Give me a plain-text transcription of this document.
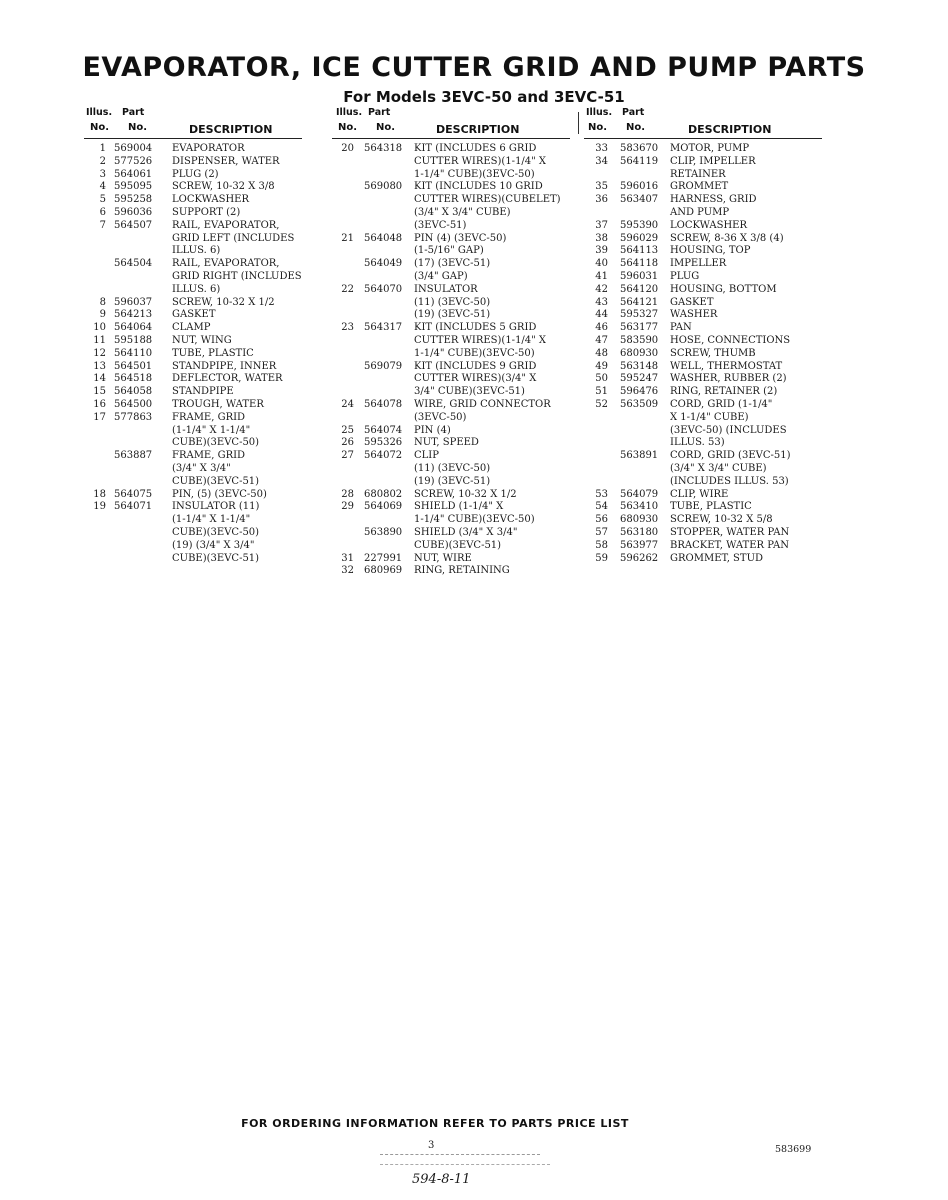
EVAPORATOR, ICE CUTTER GRID AND PUMP PARTS
For Models 3EVC-50 and 3EVC-51
Illus. Part
No. No.	DESCRIPTION
1 569004 EVAPORATOR
2 577526 DISPENSER, WATER
3 564061 PLUG (2)
4 595095 SCREW, 10-32 X 3/8
5 595258 LOCKWASHER
6 596036 SUPPORT (2)
7 564507 RAIL, EVAPORATOR,
GRID LEFT (INCLUDES
ILLUS. 6)
564504 RAIL, EVAPORATOR,
GRID RIGHT (INCLUDES
ILLUS. 6)
8 596037 SCREW, 10-32 X 1/2
9 564213 GASKET
10 564064 CLAMP
11 595188 NUT, WING
12 564110 TUBE, PLASTIC
13 564501 STANDPIPE, INNER
14 564518 DEFLECTOR, WATER
15 564058 STANDPIPE
16 564500 TROUGH, WATER
17 577863 FRAME, GRID
(1-1/4" X 1-1/4"
CUBE)(3EVC-50)
563887 FRAME, GRID
(3/4" X 3/4"
CUBE)(3EVC-51)
18 564075 PIN, (5) (3EVC-50)
19 564071 INSULATOR (11)
(1-1/4" X 1-1/4"
CUBE)(3EVC-50)
(19) (3/4" X 3/4"
CUBE)(3EVC-51)
Illus. Part
No. No.	DESCRIPTION
20 564318 KIT (INCLUDES 6 GRID
CUTTER WIRES)(1-1/4" X
1-1/4" CUBE)(3EVC-50)
569080 KIT (INCLUDES 10 GRID
CUTTER WIRES)(CUBELET)
(3/4" X 3/4" CUBE)
(3EVC-51)
21 564048 PIN (4) (3EVC-50)
(1-5/16" GAP)
564049 (17) (3EVC-51)
(3/4" GAP)
22 564070 INSULATOR
(11) (3EVC-50)
(19) (3EVC-51)
23 564317 KIT (INCLUDES 5 GRID
CUTTER WIRES)(1-1/4" X
1-1/4" CUBE)(3EVC-50)
569079 KIT (INCLUDES 9 GRID
CUTTER WIRES)(3/4" X
3/4" CUBE)(3EVC-51)
24 564078 WIRE, GRID CONNECTOR
(3EVC-50)
25 564074 PIN (4)
26 595326 NUT, SPEED
27 564072 CLIP
(11) (3EVC-50)
(19) (3EVC-51)
28 680802 SCREW, 10-32 X 1/2
29 564069 SHIELD (1-1/4" X
1-1/4" CUBE)(3EVC-50)
563890 SHIELD (3/4" X 3/4"
CUBE)(3EVC-51)
31 227991 NUT, WIRE
32 680969 RING, RETAINING
Illus. Part
No. No.	DESCRIPTION
33 583670 MOTOR, PUMP
34 564119 CLIP, IMPELLER
RETAINER
35 596016 GROMMET
36 563407 HARNESS, GRID
AND PUMP
37 595390 LOCKWASHER
38 596029 SCREW, 8-36 X 3/8 (4)
39 564113 HOUSING, TOP
40 564118 IMPELLER
41 596031 PLUG
42 564120 HOUSING, BOTTOM
43 564121 GASKET
44 595327 WASHER
46 563177 PAN
47 583590 HOSE, CONNECTIONS
48 680930 SCREW, THUMB
49 563148 WELL, THERMOSTAT
50 595247 WASHER, RUBBER (2)
51 596476 RING, RETAINER (2)
52 563509 CORD, GRID (1-1/4"
X 1-1/4" CUBE)
(3EVC-50) (INCLUDES
ILLUS. 53)
563891 CORD, GRID (3EVC-51)
(3/4" X 3/4" CUBE)
(INCLUDES ILLUS. 53)
53 564079 CLIP, WIRE
54 563410 TUBE, PLASTIC
56 680930 SCREW, 10-32 X 5/8
57 563180 STOPPER, WATER PAN
58 563977 BRACKET, WATER PAN
59 596262 GROMMET, STUD
FOR ORDERING INFORMATION REFER TO PARTS PRICE LIST
3	583699
594-8-11
